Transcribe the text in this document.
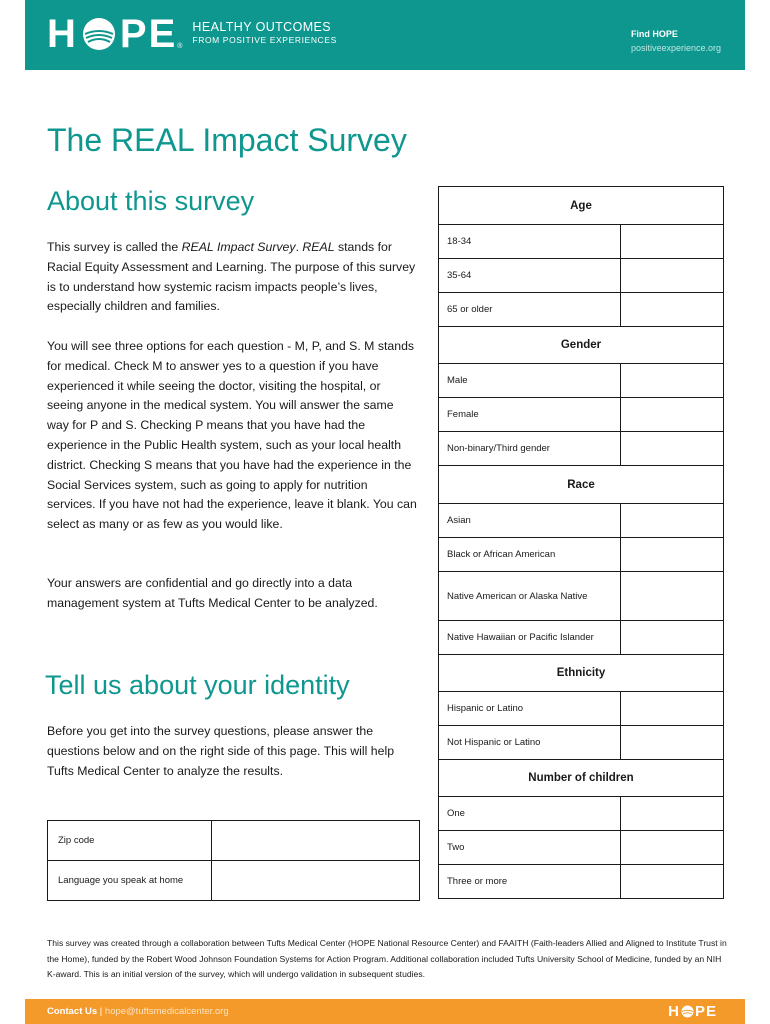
H PE ®
HEALTHY OUTCOMES
FROM POSITIVE EXPERIENCES
Find HOPE
positiveexperience.org
The REAL Impact Survey
About this survey

This survey is called the REAL Impact Survey. REAL stands for Racial Equity Assessment and Learning. The purpose of this survey is to understand how systemic racism impacts people’s lives, especially children and families.

You will see three options for each question - M, P, and S. M stands for medical. Check M to answer yes to a question if you have experienced it while seeing the doctor, visiting the hospital, or seeing anyone in the medical system. You will answer the same way for P and S. Checking P means that you have had the experience in the Public Health system, such as your local health district. Checking S means that you have had the experience in the Social Services system, such as going to apply for nutrition services. If you have not had the experience, leave it blank. You can select as many or as few as you would like.

Your answers are confidential and go directly into a data management system at Tufts Medical Center to be analyzed.

Tell us about your identity

Before you get into the survey questions, please answer the questions below and on the right side of this page. This will help Tufts Medical Center to analyze the results.

Zip code	
Language you speak at home	
Age	
18-34	
35-64	
65 or older	
Gender	
Male	
Female	
Non-binary/Third gender	
Race	
Asian	
Black or African American	
Native American or Alaska Native	
Native Hawaiian or Pacific Islander	
Ethnicity	
Hispanic or Latino	
Not Hispanic or Latino	
Number of children	
One	
Two	
Three or more	

This survey was created through a collaboration between Tufts Medical Center (HOPE National Resource Center) and FAAITH (Faith-leaders Allied and Aligned to Institute Trust in the Home), funded by the Robert Wood Johnson Foundation Systems for Action Program. Additional collaboration included Tufts University School of Medicine, funded by an NIH K-award. This is an initial version of the survey, which will undergo validation in subsequent studies.

Contact Us | hope@tuftsmedicalcenter.org	H PE
